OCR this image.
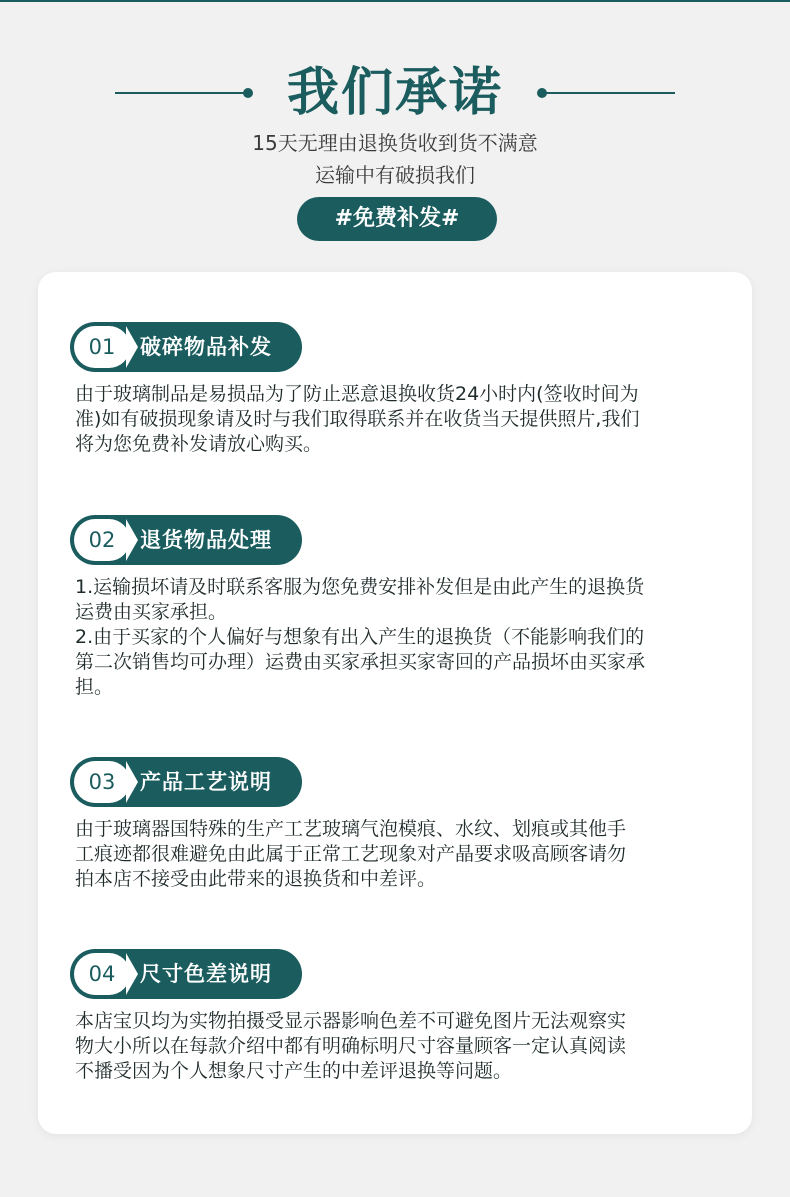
我们承诺
15天无理由退换货收到货不满意
运输中有破损我们
#免费补发#
01	破碎物品补发

由于玻璃制品是易损品为了防止恶意退换收货24小时内(签收时间为

准)如有破损现象请及时与我们取得联系并在收货当天提供照片,我们

将为您免费补发请放心购买。

02	退货物品处理

1.运输损坏请及时联系客服为您免费安排补发但是由此产生的退换货

运费由买家承担。

2.由于买家的个人偏好与想象有出入产生的退换货（不能影响我们的

第二次销售均可办理）运费由买家承担买家寄回的产品损坏由买家承

担。

03	产品工艺说明

由于玻璃器国特殊的生产工艺玻璃气泡模痕、水纹、划痕或其他手

工痕迹都很难避免由此属于正常工艺现象对产晶要求吸高顾客请勿

拍本店不接受由此带来的退换货和中差评。

04	尺寸色差说明

本店宝贝均为实物拍摄受显示器影响色差不可避免图片无法观察实

物大小所以在每款介绍中都有明确标明尺寸容量顾客一定认真阅读

不播受因为个人想象尺寸产生的中差评退换等问题。
